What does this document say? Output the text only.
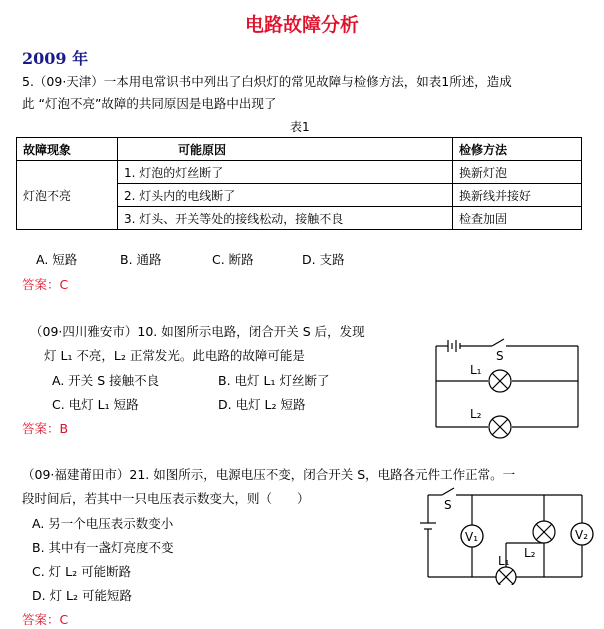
电路故障分析
2009 年
5.（09·天津）一本用电常识书中列出了白炽灯的常见故障与检修方法，如表1所述，造成
此 “灯泡不亮”故障的共同原因是电路中出现了
表1
故障现象	可能原因	检修方法
灯泡不亮	1. 灯泡的灯丝断了	换新灯泡
	2. 灯头内的电线断了	换新线并接好
	3. 灯头、开关等处的接线松动，接触不良	检查加固
A. 短路	B. 通路	C. 断路	D. 支路
答案：C
（09·四川雅安市）10. 如图所示电路，闭合开关 S 后，发现
灯 L₁ 不亮，L₂ 正常发光。此电路的故障可能是
A. 开关 S 接触不良	B. 电灯 L₁ 灯丝断了
C. 电灯 L₁ 短路	D. 电灯 L₂ 短路
答案：B
S
L₁
L₂
（09·福建莆田市）21. 如图所示，电源电压不变，闭合开关 S，电路各元件工作正常。一
段时间后，若其中一只电压表示数变大，则（　　）
A. 另一个电压表示数变小
B. 其中有一盏灯亮度不变
C. 灯 L₂ 可能断路
D. 灯 L₂ 可能短路
答案：C
V₁	V₂
S
L₁
L₂
